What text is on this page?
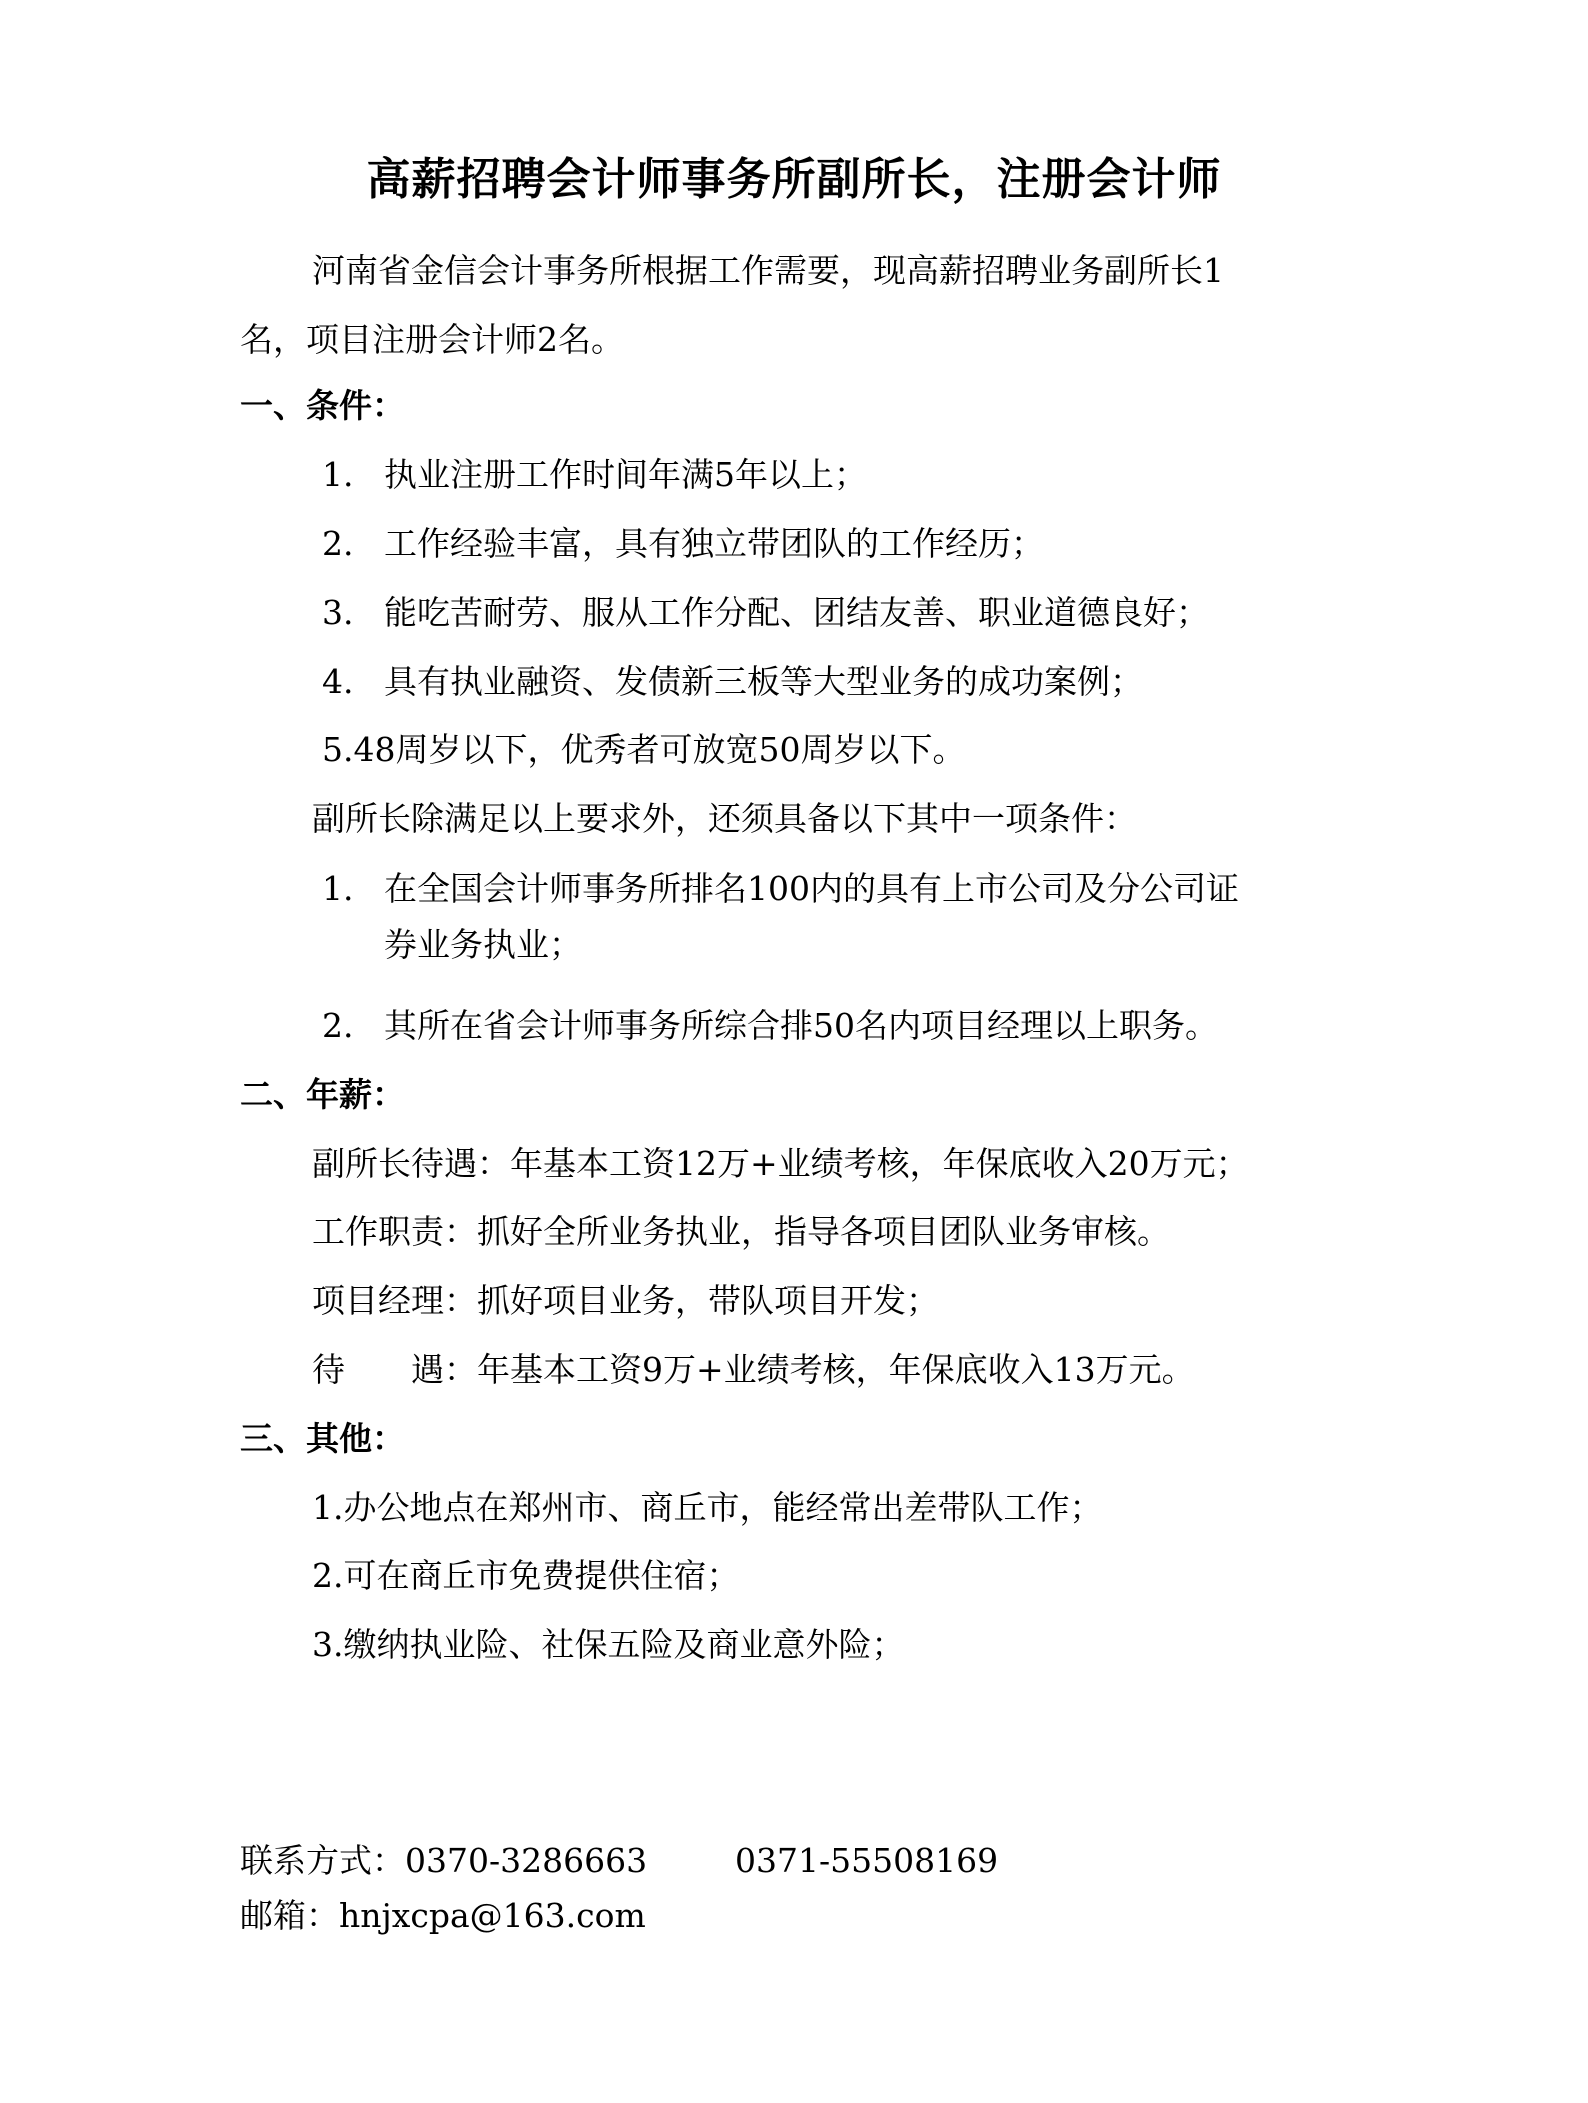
高薪招聘会计师事务所副所长，注册会计师
河南省金信会计事务所根据工作需要，现高薪招聘业务副所长1
名，项目注册会计师2名。
一、条件：
1. 执业注册工作时间年满5年以上；
2. 工作经验丰富，具有独立带团队的工作经历；
3. 能吃苦耐劳、服从工作分配、团结友善、职业道德良好；
4. 具有执业融资、发债新三板等大型业务的成功案例；
5.48周岁以下，优秀者可放宽50周岁以下。
副所长除满足以上要求外，还须具备以下其中一项条件：
1. 在全国会计师事务所排名100内的具有上市公司及分公司证
券业务执业；
2. 其所在省会计师事务所综合排50名内项目经理以上职务。
二、年薪：
副所长待遇：年基本工资12万+业绩考核，年保底收入20万元；
工作职责：抓好全所业务执业，指导各项目团队业务审核。
项目经理：抓好项目业务，带队项目开发；
待　　遇：年基本工资9万+业绩考核，年保底收入13万元。
三、其他：
1.办公地点在郑州市、商丘市，能经常出差带队工作；
2.可在商丘市免费提供住宿；
3.缴纳执业险、社保五险及商业意外险；
联系方式：0370-3286663	0371-55508169
邮箱：hnjxcpa@163.com
